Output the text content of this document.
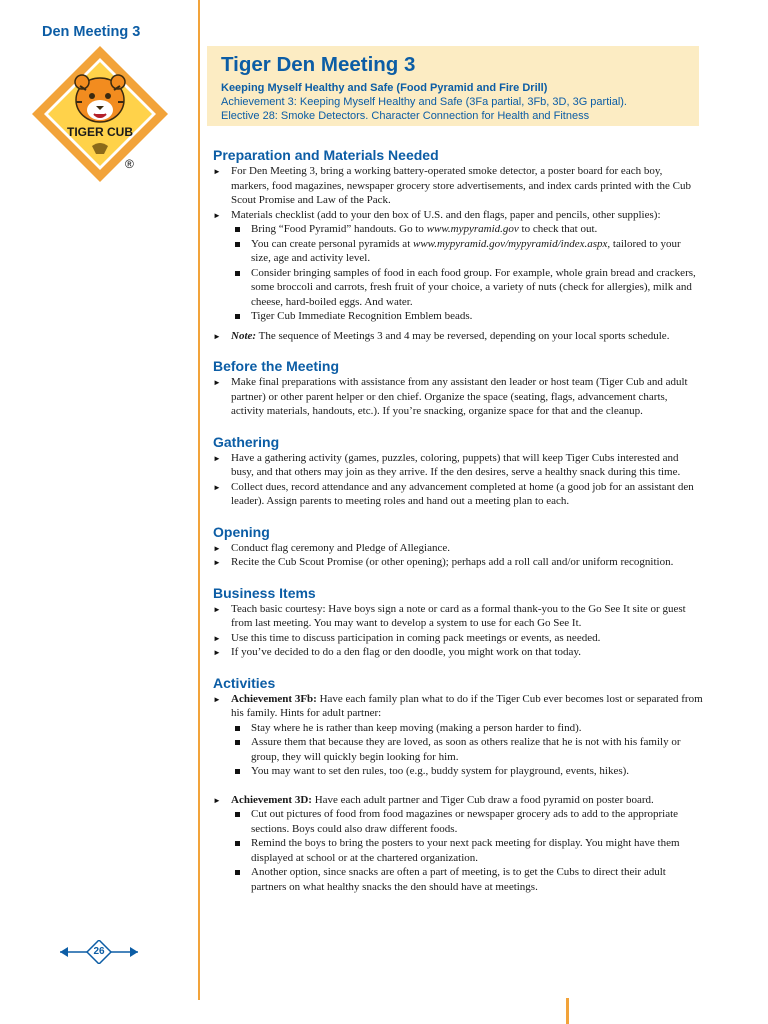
Den Meeting 3
TIGER CUB
®
Tiger Den Meeting 3

Keeping Myself Healthy and Safe (Food Pyramid and Fire Drill)

Achievement 3: Keeping Myself Healthy and Safe (3Fa partial, 3Fb, 3D, 3G partial).

Elective 28: Smoke Detectors. Character Connection for Health and Fitness

Preparation and Materials Needed
► For Den Meeting 3, bring a working battery-operated smoke detector, a poster board for each boy, markers, food magazines, newspaper grocery store advertisements, and index cards printed with the Cub Scout Promise and Law of the Pack.
► Materials checklist (add to your den box of U.S. and den flags, paper and pencils, other supplies):
Bring “Food Pyramid” handouts. Go to www.mypyramid.gov to check that out.
You can create personal pyramids at www.mypyramid.gov/mypyramid/index.aspx, tailored to your size, age and activity level.
Consider bringing samples of food in each food group. For example, whole grain bread and crackers, some broccoli and carrots, fresh fruit of your choice, a variety of nuts (check for allergies), milk and cheese, hard-boiled eggs. And water.
Tiger Cub Immediate Recognition Emblem beads.
► Note: The sequence of Meetings 3 and 4 may be reversed, depending on your local sports schedule.
Before the Meeting
► Make final preparations with assistance from any assistant den leader or host team (Tiger Cub and adult partner) or other parent helper or den chief. Organize the space (seating, flags, advancement charts, activity materials, handouts, etc.). If you’re snacking, organize space for that and the cleanup.
Gathering
► Have a gathering activity (games, puzzles, coloring, puppets) that will keep Tiger Cubs interested and busy, and that others may join as they arrive. If the den desires, serve a healthy snack during this time.
► Collect dues, record attendance and any advancement completed at home (a good job for an assistant den leader). Assign parents to meeting roles and hand out a meeting plan to each.
Opening
► Conduct flag ceremony and Pledge of Allegiance.
► Recite the Cub Scout Promise (or other opening); perhaps add a roll call and/or uniform recognition.
Business Items
► Teach basic courtesy: Have boys sign a note or card as a formal thank-you to the Go See It site or guest from last meeting. You may want to develop a system to use for each Go See It.
► Use this time to discuss participation in coming pack meetings or events, as needed.
► If you’ve decided to do a den flag or den doodle, you might work on that today.
Activities
► Achievement 3Fb: Have each family plan what to do if the Tiger Cub ever becomes lost or separated from his family. Hints for adult partner:
Stay where he is rather than keep moving (making a person harder to find).
Assure them that because they are loved, as soon as others realize that he is not with his family or group, they will quickly begin looking for him.
You may want to set den rules, too (e.g., buddy system for playground, events, hikes).
► Achievement 3D: Have each adult partner and Tiger Cub draw a food pyramid on poster board.
Cut out pictures of food from food magazines or newspaper grocery ads to add to the appropriate sections. Boys could also draw different foods.
Remind the boys to bring the posters to your next pack meeting for display. You might have them displayed at school or at the chartered organization.
Another option, since snacks are often a part of meeting, is to get the Cubs to direct their adult partners on what healthy snacks the den should have at meetings.
26
